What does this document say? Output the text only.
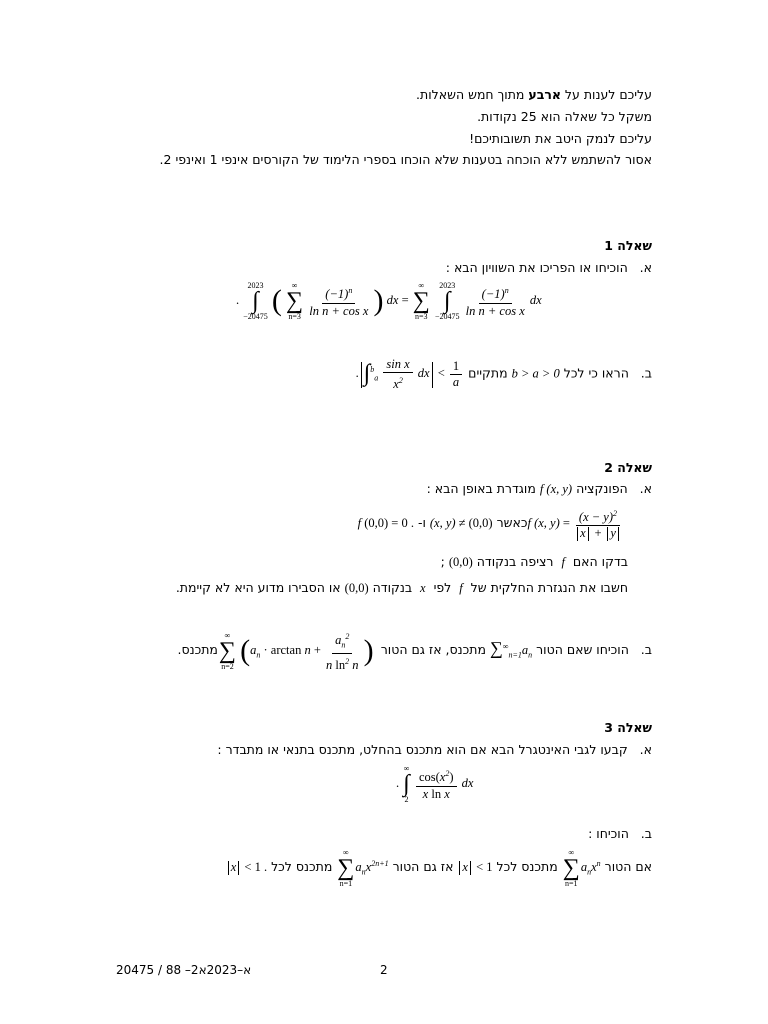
עליכם לענות על ארבע מתוך חמש השאלות.
משקל כל שאלה הוא 25 נקודות.
עליכם לנמק היטב את תשובותיכם!
אסור להשתמש ללא הוכחה בטענות שלא הוכחו בספרי הלימוד של הקורסים אינפי 1 ואינפי 2.
שאלה 1
א.   הוכיחו או הפריכו את השוויון הבא :
.
2023
∫
−20475 ( ∞
∑
n=3
$\frac{(-1)^n}{\text{ln n + cos x}}$ ) dx =
∞
∑
n=3

2023
∫
−20475
$\frac{(-1)^n}{\text{ln n + cos x}}$ dx
ב.   הראו כי לכל b > a > 0 מתקיים . $\int^b_a \frac{\text{sin x}}{x^2}$ dx < $\frac{1}{a}$
שאלה 2
א.   הפונקציה f (x, y) מוגדרת באופן הבא :
f (x, $y) = \frac{(x - y)^2}{x + y}$
כאשר (x, y) ≠ (0,0) ו- f (0,0) = 0 .
בדקו האם  f  רציפה בנקודה (0,0) ;
חשבו את הנגזרת החלקית של  f  לפי  x  בנקודה (0,0) או הסבירו מדוע היא לא קיימת.
ב.   הוכיחו שאם הטור $\sum^\infty_{n=1}a_n$ מתכנס, אז גם הטור
∞
∑
n=2 ($a_n \cdot \arctan n + \frac{a_n^2}{n \ln^2 n}$ ) מתכנס.
שאלה 3
א.   קבעו לגבי האינטגרל הבא אם הוא מתכנס בהחלט, מתכנס בתנאי או מתבדר :
.
∞
∫
2
$\frac{\cos(x^2)}{\text{x ln x}}$ dx
ב.   הוכיחו :
אם הטור
∞
∑
n=1
$a_nx^n$ מתכנס לכל x < 1 אז גם הטור
∞
∑
n=1
$a_nx^{2n+1}$ מתכנס לכל x < 1 .
2
20475 / 88 –2א–2023א
